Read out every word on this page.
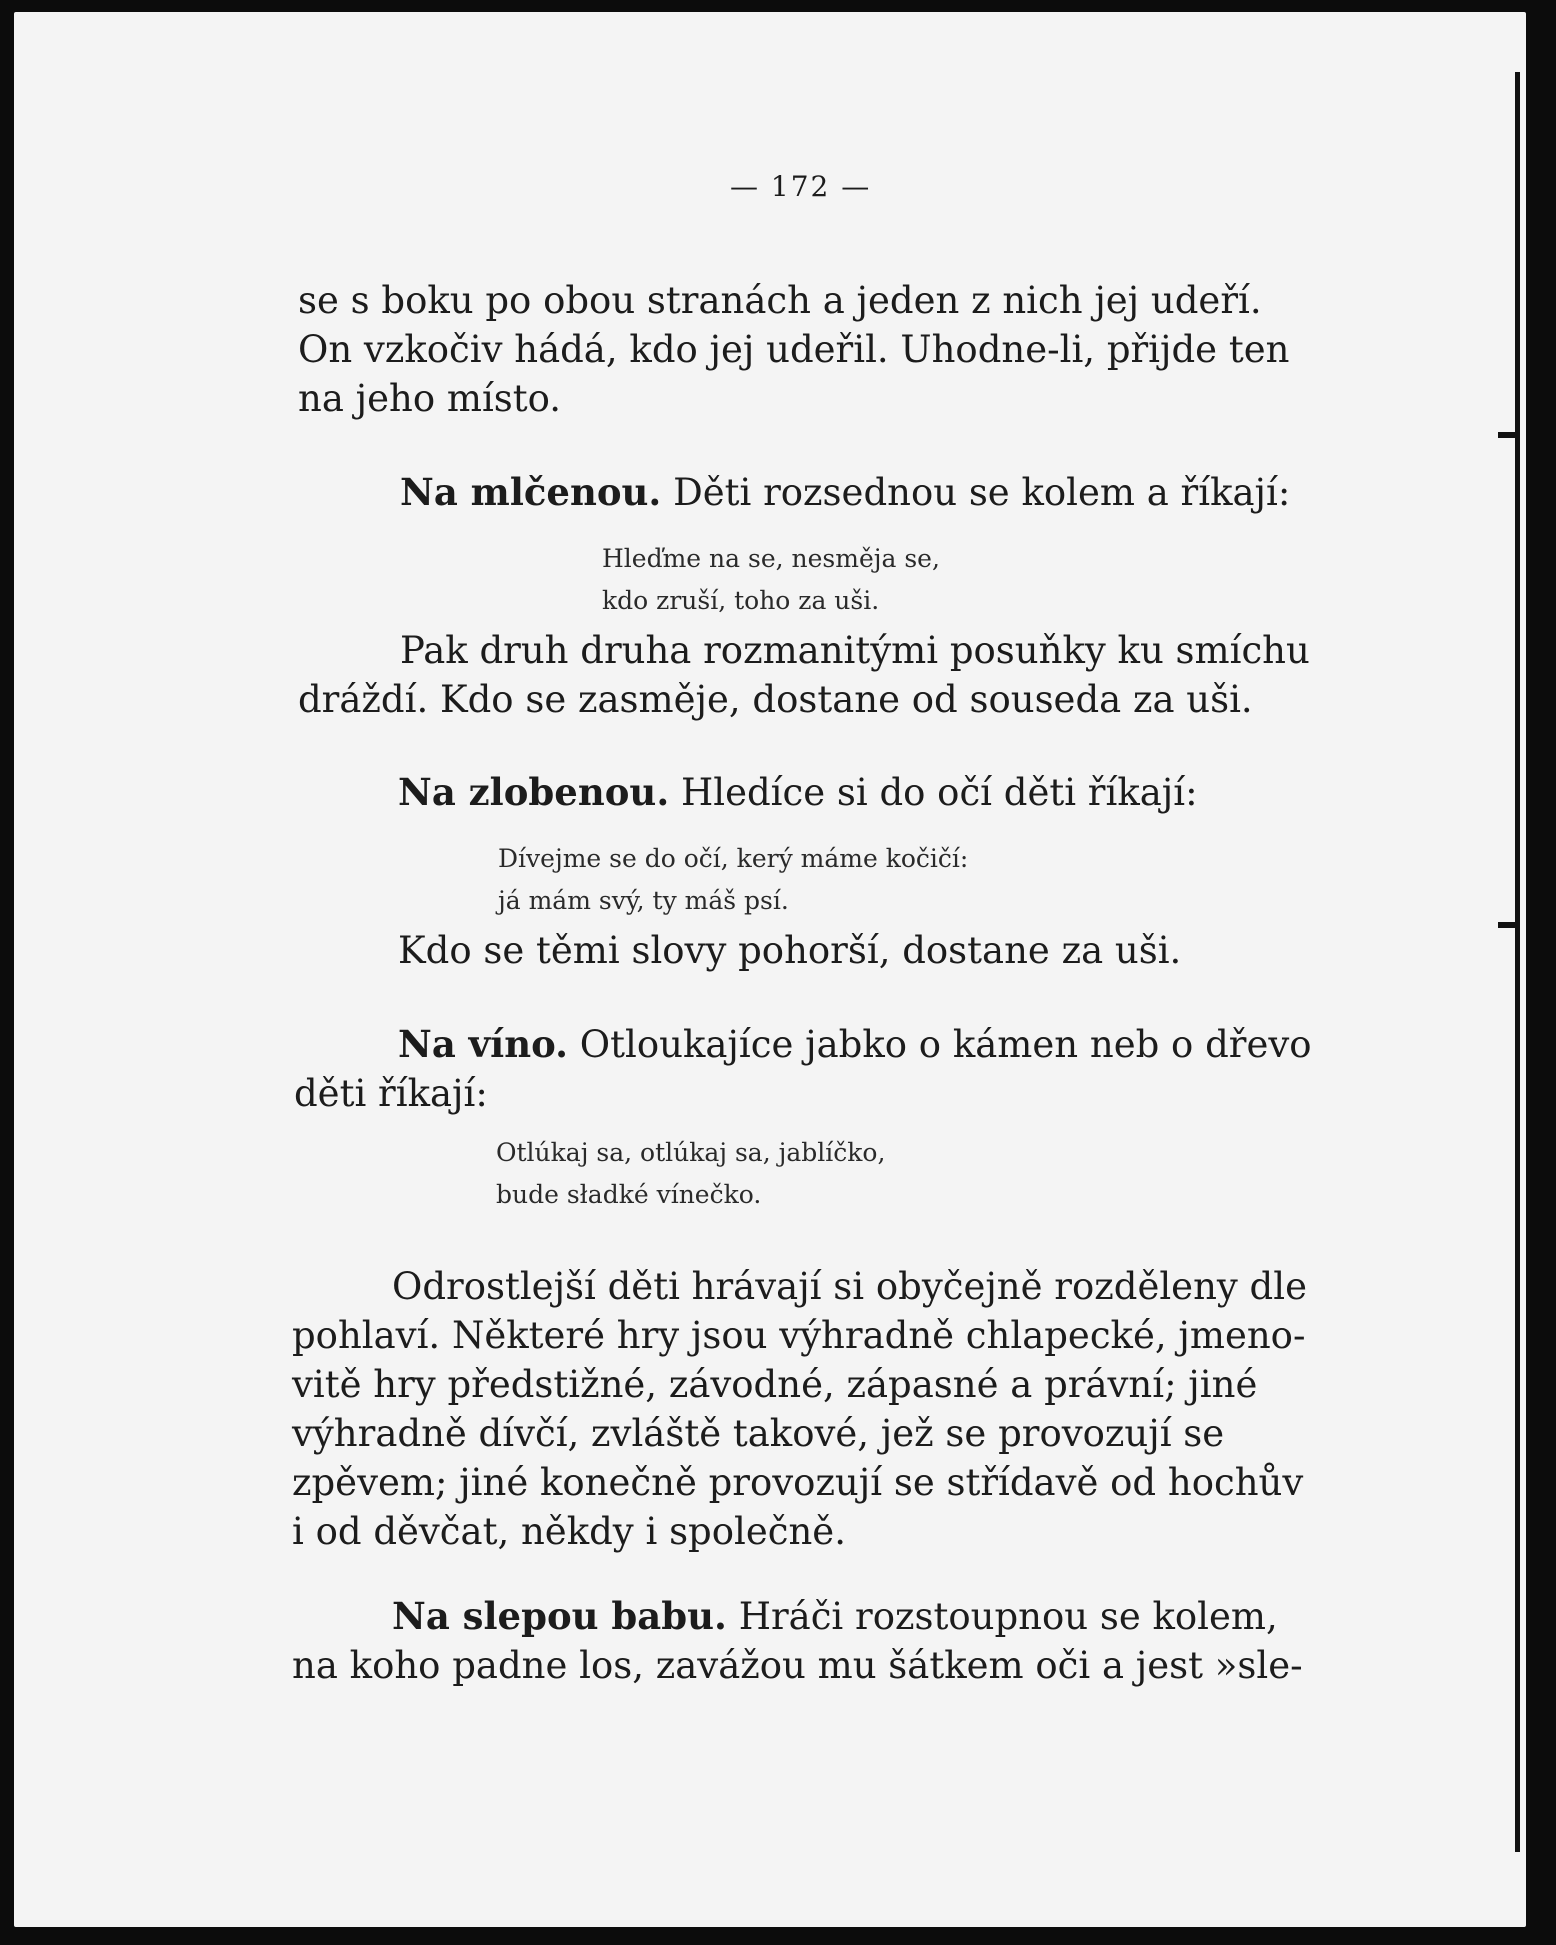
— 172 —
se s boku po obou stranách a jeden z nich jej udeří.
On vzkočiv hádá, kdo jej udeřil. Uhodne-li, přijde ten
na jeho místo.
Na mlčenou. Děti rozsednou se kolem a říkají:
Hleďme na se, nesměja se,
kdo zruší, toho za uši.
Pak druh druha rozmanitými posuňky ku smíchu
dráždí. Kdo se zasměje, dostane od souseda za uši.
Na zlobenou. Hledíce si do očí děti říkají:
Dívejme se do očí, kerý máme kočičí:
já mám svý, ty máš psí.
Kdo se těmi slovy pohorší, dostane za uši.
Na víno. Otloukajíce jabko o kámen neb o dřevo
děti říkají:
Otlúkaj sa, otlúkaj sa, jablíčko,
bude sładké vínečko.
Odrostlejší děti hrávají si obyčejně rozděleny dle
pohlaví. Některé hry jsou výhradně chlapecké, jmeno-
vitě hry předstižné, závodné, zápasné a právní; jiné
výhradně dívčí, zvláště takové, jež se provozují se
zpěvem; jiné konečně provozují se střídavě od hochův
i od děvčat, někdy i společně.
Na slepou babu. Hráči rozstoupnou se kolem,
na koho padne los, zavážou mu šátkem oči a jest »sle-
